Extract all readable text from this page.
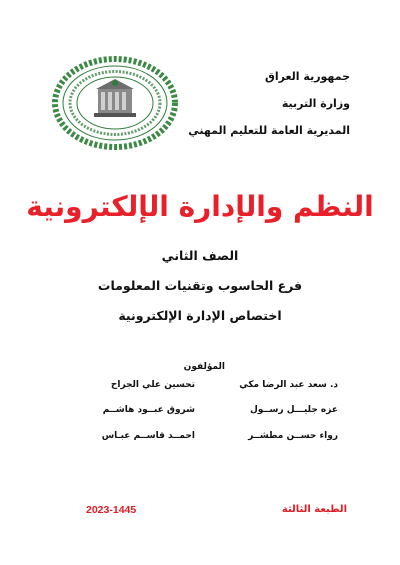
جمهورية العراق
وزارة التربية
المديرية العامة للتعليم المهني
النظم والإدارة الإلكترونية
الصف الثاني
فرع الحاسوب وتقنيات المعلومات
اختصاص الإدارة الإلكترونية
المؤلفون
د. سعد عبد الرضا مكي
عزه جليـــل رســول
رواء حســن مطشــر
تحسين علي الجراح
شروق عبــود هاشــم
احمــد قاســم عبـاس
الطبعة الثالثة
2023-1445
